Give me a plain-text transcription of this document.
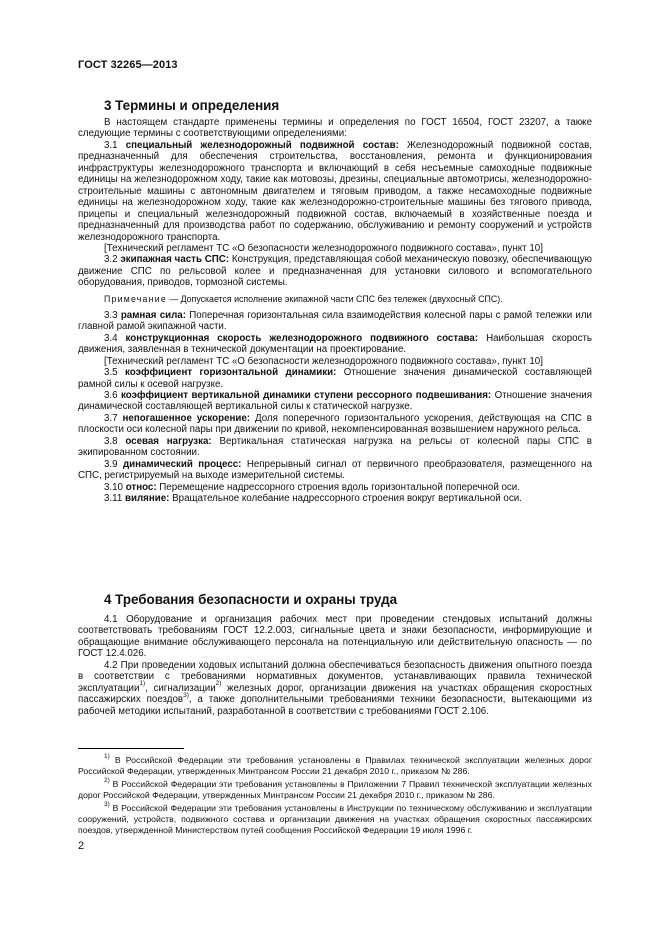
ГОСТ 32265—2013
3 Термины и определения

В настоящем стандарте применены термины и определения по ГОСТ 16504, ГОСТ 23207, а также следующие термины с соответствующими определениями:

3.1 специальный железнодорожный подвижной состав: Железнодорожный подвижной состав, предназначенный для обеспечения строительства, восстановления, ремонта и функционирования инфраструктуры железнодорожного транспорта и включающий в себя несъемные самоходные подвижные единицы на железнодорожном ходу, такие как мотовозы, дрезины, специальные автомотрисы, железнодорожно-строительные машины с автономным двигателем и тяговым приводом, а также несамоходные подвижные единицы на железнодорожном ходу, такие как железнодорожно-строительные машины без тягового привода, прицепы и специальный железнодорожный подвижной состав, включаемый в хозяйственные поезда и предназначенный для производства работ по содержанию, обслуживанию и ремонту сооружений и устройств железнодорожного транспорта.

[Технический регламент ТС «О безопасности железнодорожного подвижного состава», пункт 10]

3.2 экипажная часть СПС: Конструкция, представляющая собой механическую повозку, обеспечивающую движение СПС по рельсовой колее и предназначенная для установки силового и вспомогательного оборудования, приводов, тормозной системы.

Примечание — Допускается исполнение экипажной части СПС без тележек (двухосный СПС).

3.3 рамная сила: Поперечная горизонтальная сила взаимодействия колесной пары с рамой тележки или главной рамой экипажной части.

3.4 конструкционная скорость железнодорожного подвижного состава: Наибольшая скорость движения, заявленная в технической документации на проектирование.

[Технический регламент ТС «О безопасности железнодорожного подвижного состава», пункт 10]

3.5 коэффициент горизонтальной динамики: Отношение значения динамической составляющей рамной силы к осевой нагрузке.

3.6 коэффициент вертикальной динамики ступени рессорного подвешивания: Отношение значения динамической составляющей вертикальной силы к статической нагрузке.

3.7 непогашенное ускорение: Доля поперечного горизонтального ускорения, действующая на СПС в плоскости оси колесной пары при движении по кривой, некомпенсированная возвышением наружного рельса.

3.8 осевая нагрузка: Вертикальная статическая нагрузка на рельсы от колесной пары СПС в экипированном состоянии.

3.9 динамический процесс: Непрерывный сигнал от первичного преобразователя, размещенного на СПС, регистрируемый на выходе измерительной системы.

3.10 относ: Перемещение надрессорного строения вдоль горизонтальной поперечной оси.

3.11 виляние: Вращательное колебание надрессорного строения вокруг вертикальной оси.

4 Требования безопасности и охраны труда

4.1 Оборудование и организация рабочих мест при проведении стендовых испытаний должны соответствовать требованиям ГОСТ 12.2.003, сигнальные цвета и знаки безопасности, информирующие и обращающие внимание обслуживающего персонала на потенциальную или действительную опасность — по ГОСТ 12.4.026.

4.2 При проведении ходовых испытаний должна обеспечиваться безопасность движения опытного поезда в соответствии с требованиями нормативных документов, устанавливающих правила технической эксплуатации$^{1)}$, сигнализации$^{2)}$ железных дорог, организации движения на участках обращения скоростных пассажирских поездов$^{3)}$, а также дополнительными требованиями техники безопасности, вытекающими из рабочей методики испытаний, разработанной в соответствии с требованиями ГОСТ 2.106.

$^{1)}$ В Российской Федерации эти требования установлены в Правилах технической эксплуатации железных дорог Российской Федерации, утвержденных Минтрансом России 21 декабря 2010 г., приказом № 286.

$^{2)}$ В Российской Федерации эти требования установлены в Приложении 7 Правил технической эксплуатации железных дорог Российской Федерации, утвержденных Минтрансом России 21 декабря 2010 г., приказом № 286.

$^{3)}$ В Российской Федерации эти требования установлены в Инструкции по техническому обслуживанию и эксплуатации сооружений, устройств, подвижного состава и организации движения на участках обращения скоростных пассажирских поездов, утвержденной Министерством путей сообщения Российской Федерации 19 июля 1996 г.

2
